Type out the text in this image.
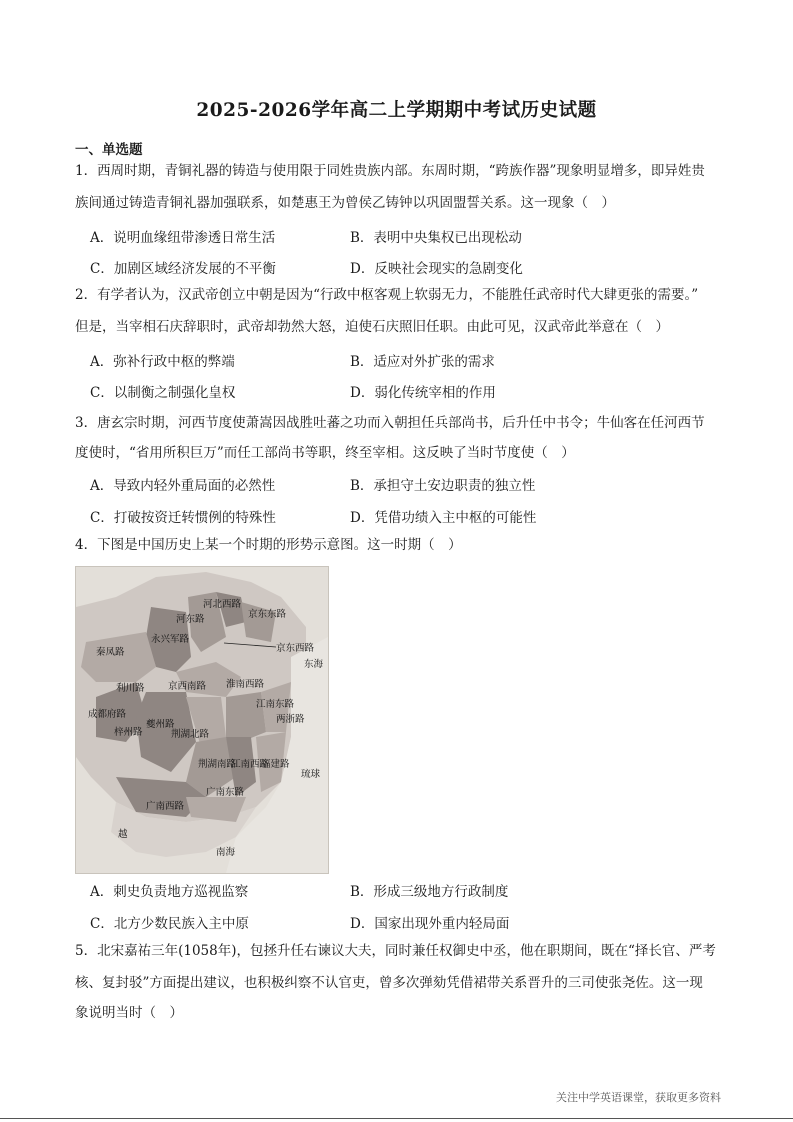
2025-2026学年高二上学期期中考试历史试题
一、单选题
1．西周时期，青铜礼器的铸造与使用限于同姓贵族内部。东周时期，“跨族作器”现象明显增多，即异姓贵
族间通过铸造青铜礼器加强联系，如楚惠王为曾侯乙铸钟以巩固盟誓关系。这一现象（　）
A．说明血缘纽带渗透日常生活	B．表明中央集权已出现松动
C．加剧区域经济发展的不平衡	D．反映社会现实的急剧变化
2．有学者认为，汉武帝创立中朝是因为“行政中枢客观上软弱无力，不能胜任武帝时代大肆更张的需要。”
但是，当宰相石庆辞职时，武帝却勃然大怒，迫使石庆照旧任职。由此可见，汉武帝此举意在（　）
A．弥补行政中枢的弊端	B．适应对外扩张的需求
C．以制衡之制强化皇权	D．弱化传统宰相的作用
3．唐玄宗时期，河西节度使萧嵩因战胜吐蕃之功而入朝担任兵部尚书，后升任中书令；牛仙客在任河西节
度使时，“省用所积巨万”而任工部尚书等职，终至宰相。这反映了当时节度使（　）
A．导致内轻外重局面的必然性	B．承担守土安边职责的独立性
C．打破按资迁转惯例的特殊性	D．凭借功绩入主中枢的可能性
4．下图是中国历史上某一个时期的形势示意图。这一时期（　）
河东路
河北西路
京东东路
京东西路
永兴军路
秦凤路
京西南路
利川路
成都府路
梓州路
夔州路
荆湖北路
荆湖南路
淮南西路
江南东路
江南西路
两浙路
福建路
广南东路
广南西路
琉球
越
东海
南海
A．刺史负责地方巡视监察	B．形成三级地方行政制度
C．北方少数民族入主中原	D．国家出现外重内轻局面
5．北宋嘉祐三年(1058年)，包拯升任右谏议大夫，同时兼任权御史中丞，他在职期间，既在“择长官、严考
核、复封驳”方面提出建议，也积极纠察不认官吏，曾多次弹劾凭借裙带关系晋升的三司使张尧佐。这一现
象说明当时（　）
关注中学英语课堂，获取更多资料
